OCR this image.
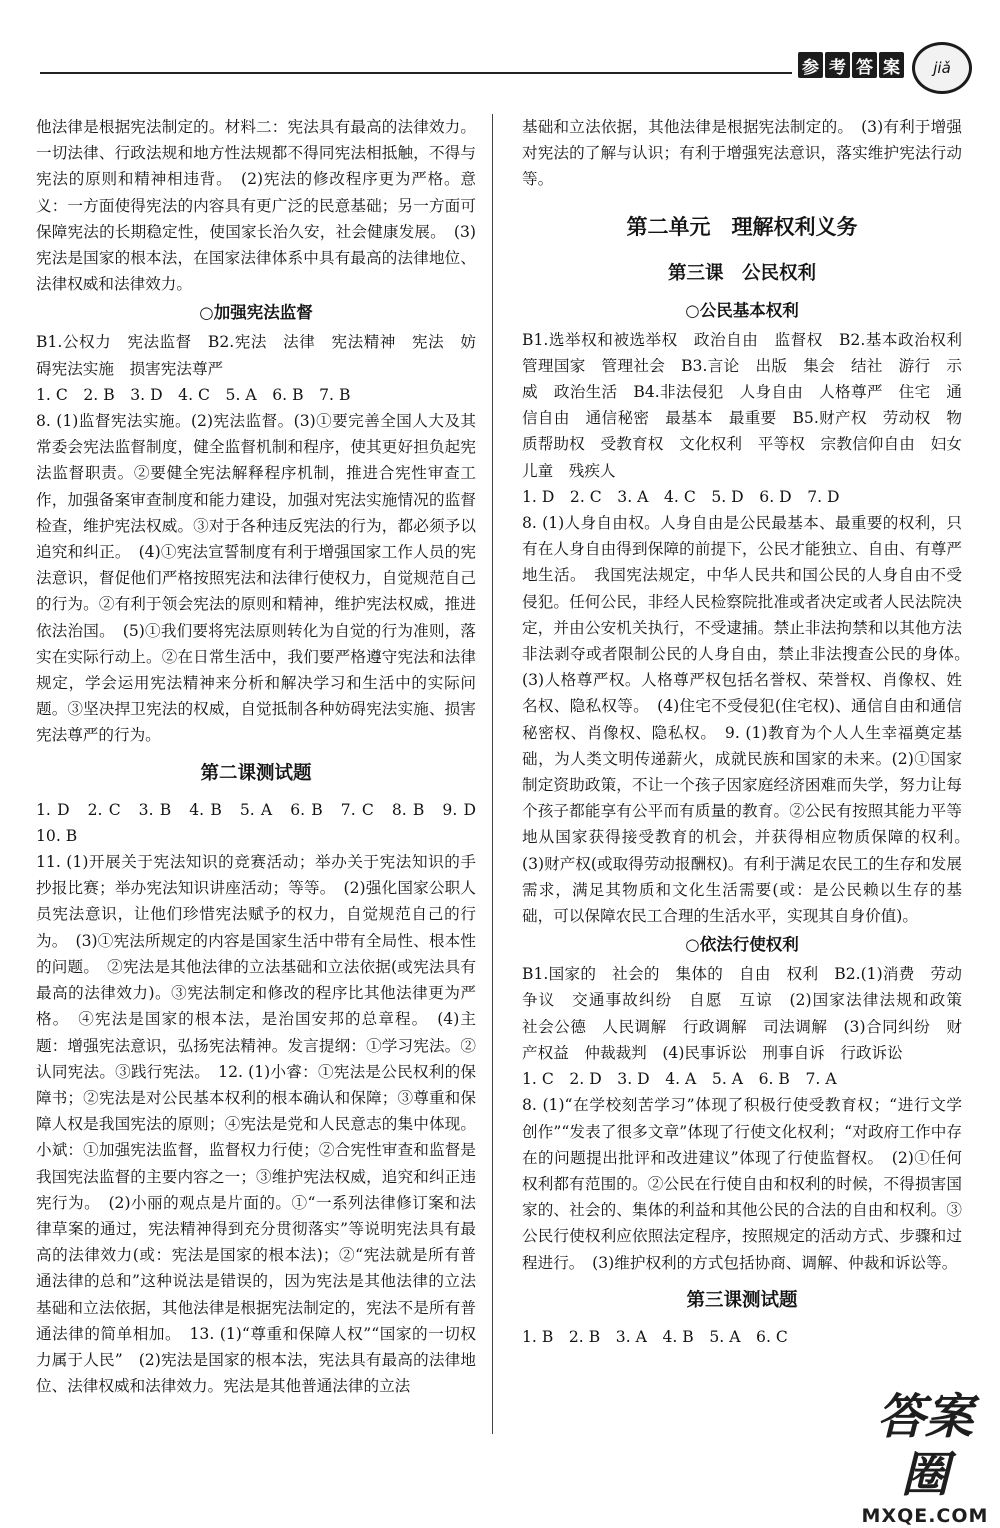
参 考 答 案	jiǎ

他法律是根据宪法制定的。材料二：宪法具有最高的法律效力。一切法律、行政法规和地方性法规都不得同宪法相抵触，不得与宪法的原则和精神相违背。　(2)宪法的修改程序更为严格。意义：一方面使得宪法的内容具有更广泛的民意基础；另一方面可保障宪法的长期稳定性，使国家长治久安，社会健康发展。　(3)宪法是国家的根本法，在国家法律体系中具有最高的法律地位、法律权威和法律效力。

○加强宪法监督

B1.公权力　宪法监督　B2.宪法　法律　宪法精神　宪法　妨碍宪法实施　损害宪法尊严

1. C　2. B　3. D　4. C　5. A　6. B　7. B

8. (1)监督宪法实施。(2)宪法监督。(3)①要完善全国人大及其常委会宪法监督制度，健全监督机制和程序，使其更好担负起宪法监督职责。②要健全宪法解释程序机制，推进合宪性审查工作，加强备案审查制度和能力建设，加强对宪法实施情况的监督检查，维护宪法权威。③对于各种违反宪法的行为，都必须予以追究和纠正。　(4)①宪法宣誓制度有利于增强国家工作人员的宪法意识，督促他们严格按照宪法和法律行使权力，自觉规范自己的行为。②有利于领会宪法的原则和精神，维护宪法权威，推进依法治国。　(5)①我们要将宪法原则转化为自觉的行为准则，落实在实际行动上。②在日常生活中，我们要严格遵守宪法和法律规定，学会运用宪法精神来分析和解决学习和生活中的实际问题。③坚决捍卫宪法的权威，自觉抵制各种妨碍宪法实施、损害宪法尊严的行为。

第二课测试题

1. D　2. C　3. B　4. B　5. A　6. B　7. C　8. B　9. D　10. B

11. (1)开展关于宪法知识的竞赛活动；举办关于宪法知识的手抄报比赛；举办宪法知识讲座活动；等等。　(2)强化国家公职人员宪法意识，让他们珍惜宪法赋予的权力，自觉规范自己的行为。　(3)①宪法所规定的内容是国家生活中带有全局性、根本性的问题。　②宪法是其他法律的立法基础和立法依据(或宪法具有最高的法律效力)。③宪法制定和修改的程序比其他法律更为严格。　④宪法是国家的根本法，是治国安邦的总章程。　(4)主题：增强宪法意识，弘扬宪法精神。发言提纲：①学习宪法。②认同宪法。③践行宪法。　12. (1)小睿：①宪法是公民权利的保障书；②宪法是对公民基本权利的根本确认和保障；③尊重和保障人权是我国宪法的原则；④宪法是党和人民意志的集中体现。小斌：①加强宪法监督，监督权力行使；②合宪性审查和监督是我国宪法监督的主要内容之一；③维护宪法权威，追究和纠正违宪行为。　(2)小丽的观点是片面的。①“一系列法律修订案和法律草案的通过，宪法精神得到充分贯彻落实”等说明宪法具有最高的法律效力(或：宪法是国家的根本法)；②“宪法就是所有普通法律的总和”这种说法是错误的，因为宪法是其他法律的立法基础和立法依据，其他法律是根据宪法制定的，宪法不是所有普通法律的简单相加。　13. (1)“尊重和保障人权”“国家的一切权力属于人民”　(2)宪法是国家的根本法，宪法具有最高的法律地位、法律权威和法律效力。宪法是其他普通法律的立法

基础和立法依据，其他法律是根据宪法制定的。　(3)有利于增强对宪法的了解与认识；有利于增强宪法意识，落实维护宪法行动等。

第二单元　理解权利义务
第三课　公民权利
○公民基本权利

B1.选举权和被选举权　政治自由　监督权　B2.基本政治权利　管理国家　管理社会　B3.言论　出版　集会　结社　游行　示威　政治生活　B4.非法侵犯　人身自由　人格尊严　住宅　通信自由　通信秘密　最基本　最重要　B5.财产权　劳动权　物质帮助权　受教育权　文化权利　平等权　宗教信仰自由　妇女　儿童　残疾人

1. D　2. C　3. A　4. C　5. D　6. D　7. D

8. (1)人身自由权。人身自由是公民最基本、最重要的权利，只有在人身自由得到保障的前提下，公民才能独立、自由、有尊严地生活。　我国宪法规定，中华人民共和国公民的人身自由不受侵犯。任何公民，非经人民检察院批准或者决定或者人民法院决定，并由公安机关执行，不受逮捕。禁止非法拘禁和以其他方法非法剥夺或者限制公民的人身自由，禁止非法搜查公民的身体。　(3)人格尊严权。人格尊严权包括名誉权、荣誉权、肖像权、姓名权、隐私权等。　(4)住宅不受侵犯(住宅权)、通信自由和通信秘密权、肖像权、隐私权。　9. (1)教育为个人人生幸福奠定基础，为人类文明传递薪火，成就民族和国家的未来。(2)①国家制定资助政策，不让一个孩子因家庭经济困难而失学，努力让每个孩子都能享有公平而有质量的教育。②公民有按照其能力平等地从国家获得接受教育的机会，并获得相应物质保障的权利。　(3)财产权(或取得劳动报酬权)。有利于满足农民工的生存和发展需求，满足其物质和文化生活需要(或：是公民赖以生存的基础，可以保障农民工合理的生活水平，实现其自身价值)。

○依法行使权利

B1.国家的　社会的　集体的　自由　权利　B2.(1)消费　劳动争议　交通事故纠纷　自愿　互谅　(2)国家法律法规和政策　社会公德　人民调解　行政调解　司法调解　(3)合同纠纷　财产权益　仲裁裁判　(4)民事诉讼　刑事自诉　行政诉讼

1. C　2. D　3. D　4. A　5. A　6. B　7. A

8. (1)“在学校刻苦学习”体现了积极行使受教育权；“进行文学创作”“发表了很多文章”体现了行使文化权利；“对政府工作中存在的问题提出批评和改进建议”体现了行使监督权。　(2)①任何权利都有范围的。②公民在行使自由和权利的时候，不得损害国家的、社会的、集体的利益和其他公民的合法的自由和权利。③公民行使权利应依照法定程序，按照规定的活动方式、步骤和过程进行。　(3)维护权利的方式包括协商、调解、仲裁和诉讼等。

第三课测试题

1. B　2. B　3. A　4. B　5. A　6. C

答案圈
MXQE.COM
